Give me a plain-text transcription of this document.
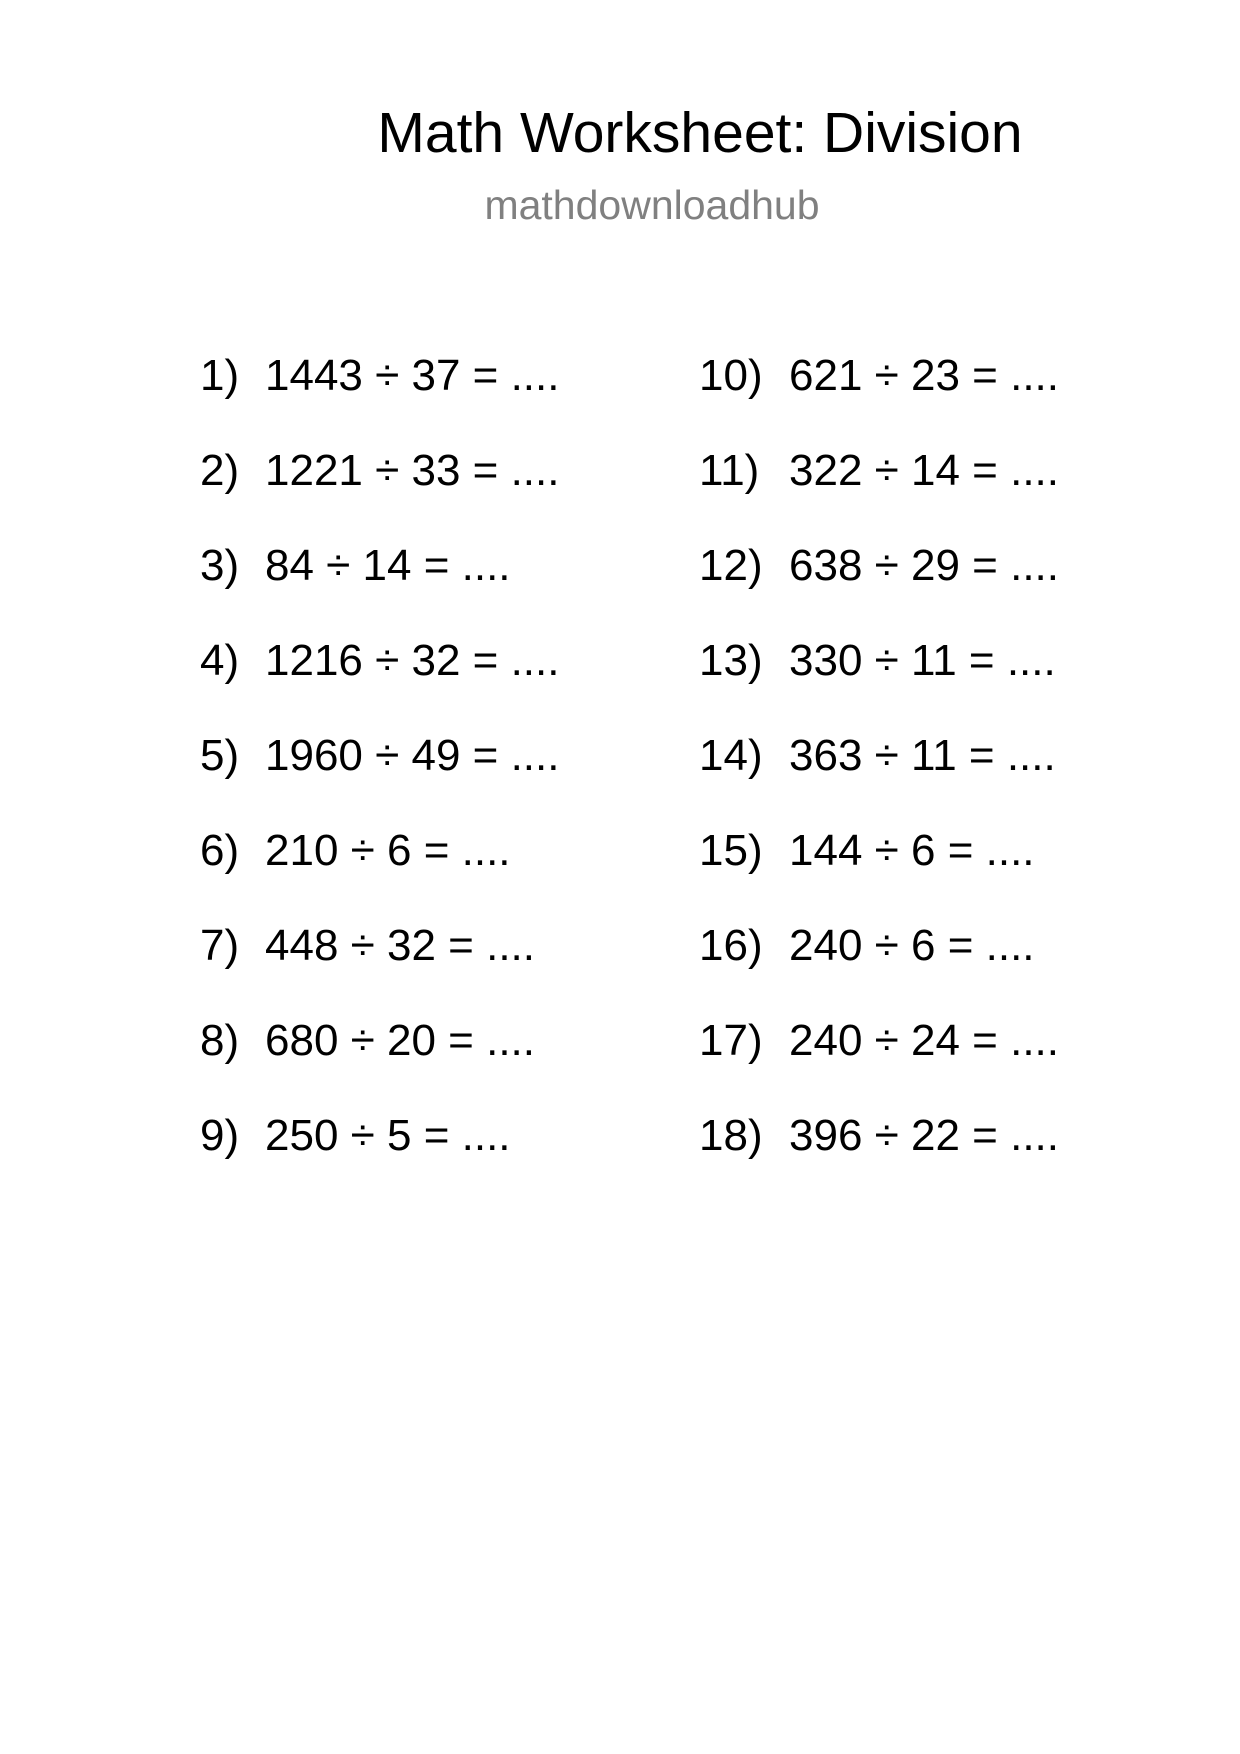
Math Worksheet: Division
mathdownloadhub
1) 1443 ÷ 37 = ....
2) 1221 ÷ 33 = ....
3) 84 ÷ 14 = ....
4) 1216 ÷ 32 = ....
5) 1960 ÷ 49 = ....
6) 210 ÷ 6 = ....
7) 448 ÷ 32 = ....
8) 680 ÷ 20 = ....
9) 250 ÷ 5 = ....
10) 621 ÷ 23 = ....
11) 322 ÷ 14 = ....
12) 638 ÷ 29 = ....
13) 330 ÷ 11 = ....
14) 363 ÷ 11 = ....
15) 144 ÷ 6 = ....
16) 240 ÷ 6 = ....
17) 240 ÷ 24 = ....
18) 396 ÷ 22 = ....
